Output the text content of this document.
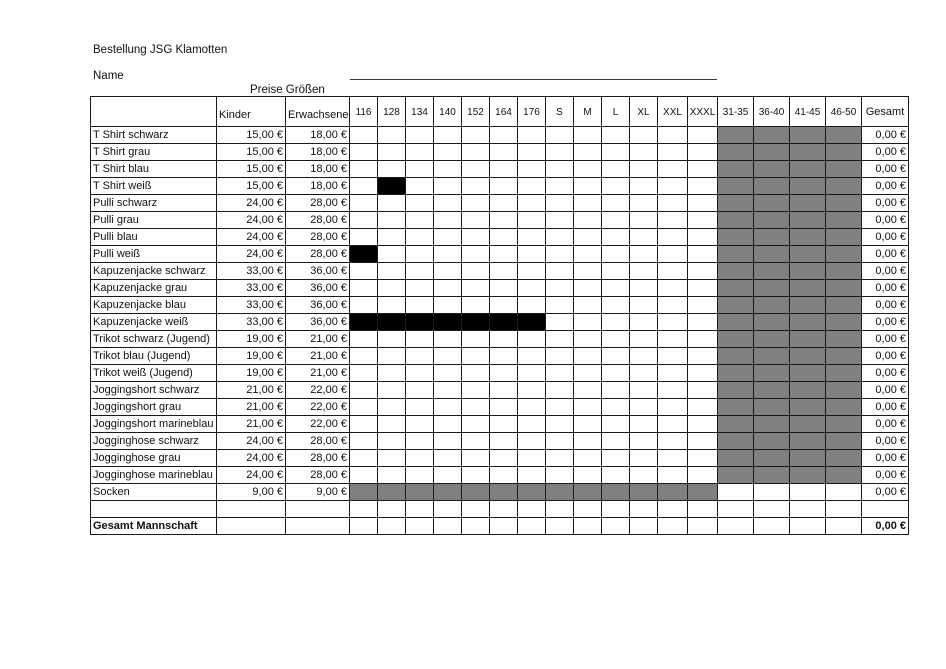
Bestellung JSG Klamotten
Name
Preise Größen
	Kinder	Erwachsene	116	128	134	140	152	164	176	S	M	L	XL	XXL	XXXL	31-35	36-40	41-45	46-50	Gesamt
T Shirt schwarz	15,00 €	18,00 €																		0,00 €
T Shirt grau	15,00 €	18,00 €																		0,00 €
T Shirt blau	15,00 €	18,00 €																		0,00 €
T Shirt weiß	15,00 €	18,00 €																		0,00 €
Pulli schwarz	24,00 €	28,00 €																		0,00 €
Pulli grau	24,00 €	28,00 €																		0,00 €
Pulli blau	24,00 €	28,00 €																		0,00 €
Pulli weiß	24,00 €	28,00 €																		0,00 €
Kapuzenjacke schwarz	33,00 €	36,00 €																		0,00 €
Kapuzenjacke grau	33,00 €	36,00 €																		0,00 €
Kapuzenjacke blau	33,00 €	36,00 €																		0,00 €
Kapuzenjacke weiß	33,00 €	36,00 €																		0,00 €
Trikot schwarz (Jugend)	19,00 €	21,00 €																		0,00 €
Trikot blau (Jugend)	19,00 €	21,00 €																		0,00 €
Trikot weiß (Jugend)	19,00 €	21,00 €																		0,00 €
Joggingshort schwarz	21,00 €	22,00 €																		0,00 €
Joggingshort grau	21,00 €	22,00 €																		0,00 €
Joggingshort marineblau	21,00 €	22,00 €																		0,00 €
Jogginghose schwarz	24,00 €	28,00 €																		0,00 €
Jogginghose grau	24,00 €	28,00 €																		0,00 €
Jogginghose marineblau	24,00 €	28,00 €																		0,00 €
Socken	9,00 €	9,00 €																		0,00 €

Gesamt Mannschaft																				0,00 €
